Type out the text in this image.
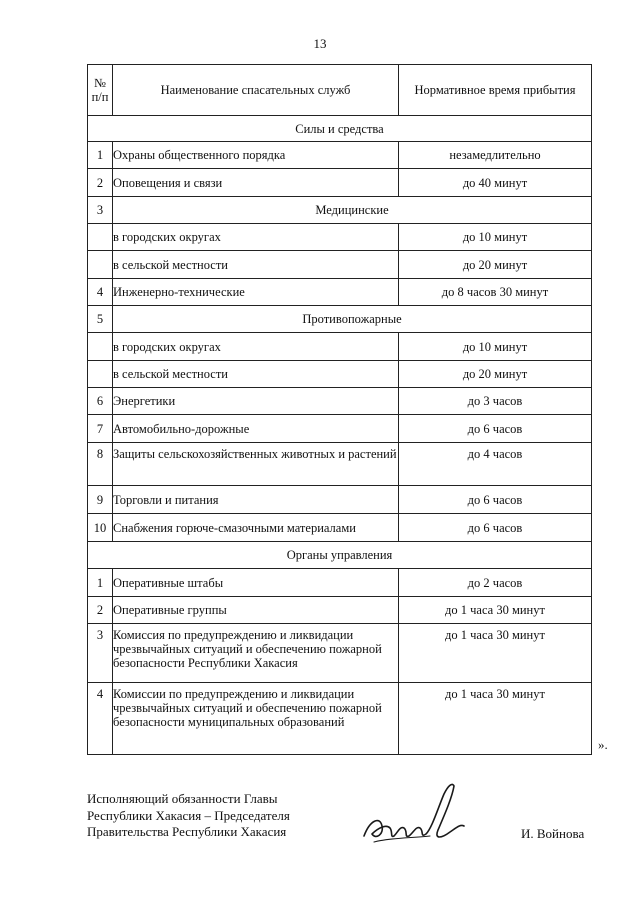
13
№ п/п	Наименование спасательных служб	Нормативное время прибытия
Силы и средства		
1	Охраны общественного порядка	незамедлительно
2	Оповещения и связи	до 40 минут
3	Медицинские	
	в городских округах	до 10 минут
	в сельской местности	до 20 минут
4	Инженерно-технические	до 8 часов 30 минут
5	Противопожарные	
	в городских округах	до 10 минут
	в сельской местности	до 20 минут
6	Энергетики	до 3 часов
7	Автомобильно-дорожные	до 6 часов
8	Защиты сельскохозяйственных животных и растений	до 4 часов
9	Торговли и питания	до 6 часов
10	Снабжения горюче-смазочными материалами	до 6 часов
Органы управления		
1	Оперативные штабы	до 2 часов
2	Оперативные группы	до 1 часа 30 минут
3	Комиссия по предупреждению и ликвидации чрезвычайных ситуаций и обеспечению пожарной безопасности Республики Хакасия	до 1 часа 30 минут
4	Комиссии по предупреждению и ликвидации чрезвычайных ситуаций и обеспечению пожарной безопасности муниципальных образований	до 1 часа 30 минут
».
Исполняющий обязанности Главы
Республики Хакасия – Председателя
Правительства Республики Хакасия	И. Войнова
